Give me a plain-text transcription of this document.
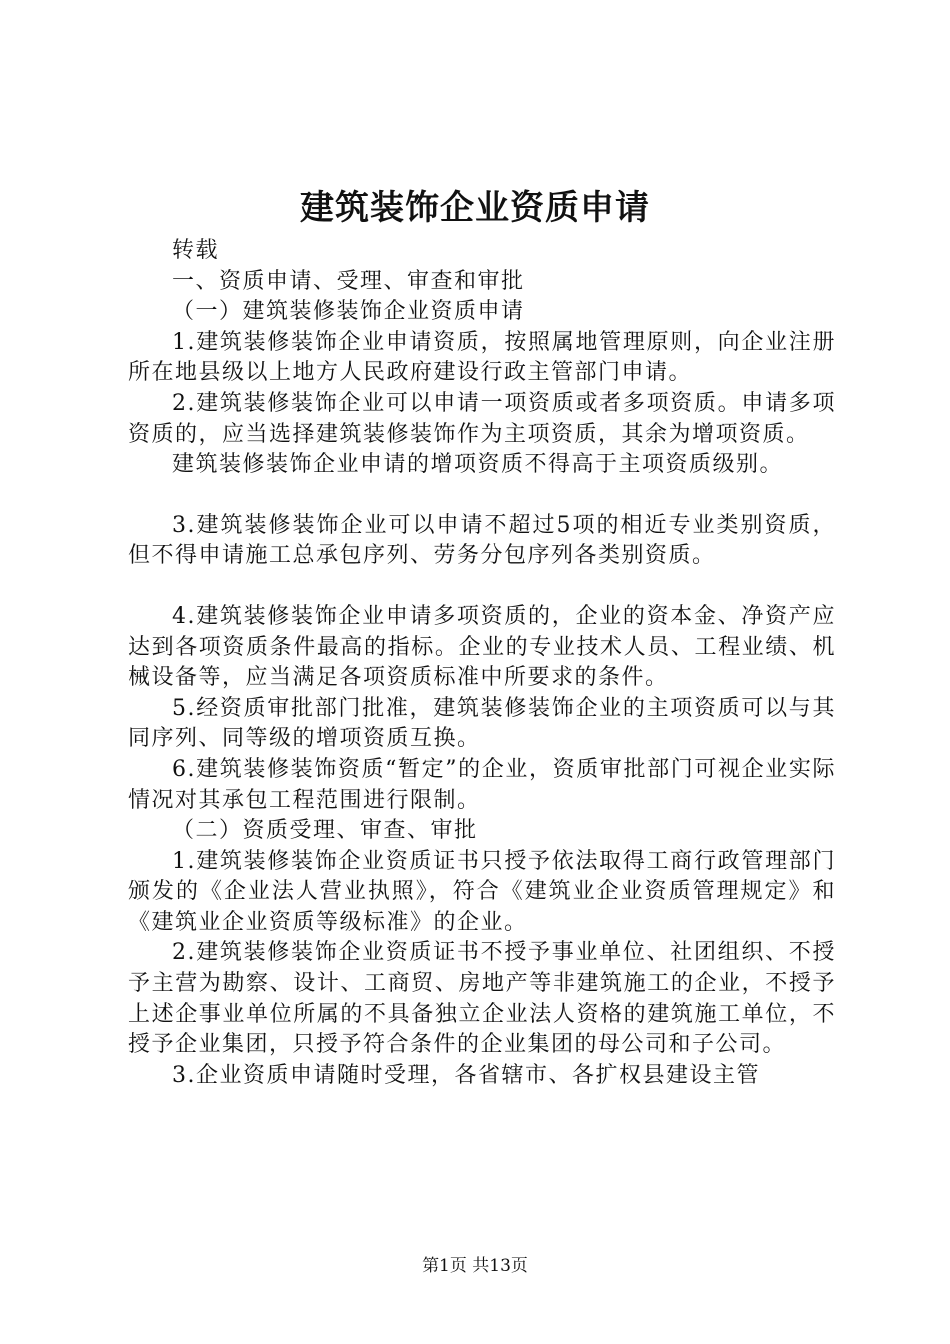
建筑装饰企业资质申请

转载

一、资质申请、受理、审查和审批

（一）建筑装修装饰企业资质申请

1.建筑装修装饰企业申请资质，按照属地管理原则，向企业注册所在地县级以上地方人民政府建设行政主管部门申请。

2.建筑装修装饰企业可以申请一项资质或者多项资质。申请多项资质的，应当选择建筑装修装饰作为主项资质，其余为增项资质。

建筑装修装饰企业申请的增项资质不得高于主项资质级别。

3.建筑装修装饰企业可以申请不超过5项的相近专业类别资质，但不得申请施工总承包序列、劳务分包序列各类别资质。

4.建筑装修装饰企业申请多项资质的，企业的资本金、净资产应达到各项资质条件最高的指标。企业的专业技术人员、工程业绩、机械设备等，应当满足各项资质标准中所要求的条件。

5.经资质审批部门批准，建筑装修装饰企业的主项资质可以与其同序列、同等级的增项资质互换。

6.建筑装修装饰资质“暂定”的企业，资质审批部门可视企业实际情况对其承包工程范围进行限制。

（二）资质受理、审查、审批

1.建筑装修装饰企业资质证书只授予依法取得工商行政管理部门颁发的《企业法人营业执照》，符合《建筑业企业资质管理规定》和《建筑业企业资质等级标准》的企业。

2.建筑装修装饰企业资质证书不授予事业单位、社团组织、不授予主营为勘察、设计、工商贸、房地产等非建筑施工的企业，不授予上述企事业单位所属的不具备独立企业法人资格的建筑施工单位，不授予企业集团，只授予符合条件的企业集团的母公司和子公司。

3.企业资质申请随时受理，各省辖市、各扩权县建设主管

第1页 共13页
